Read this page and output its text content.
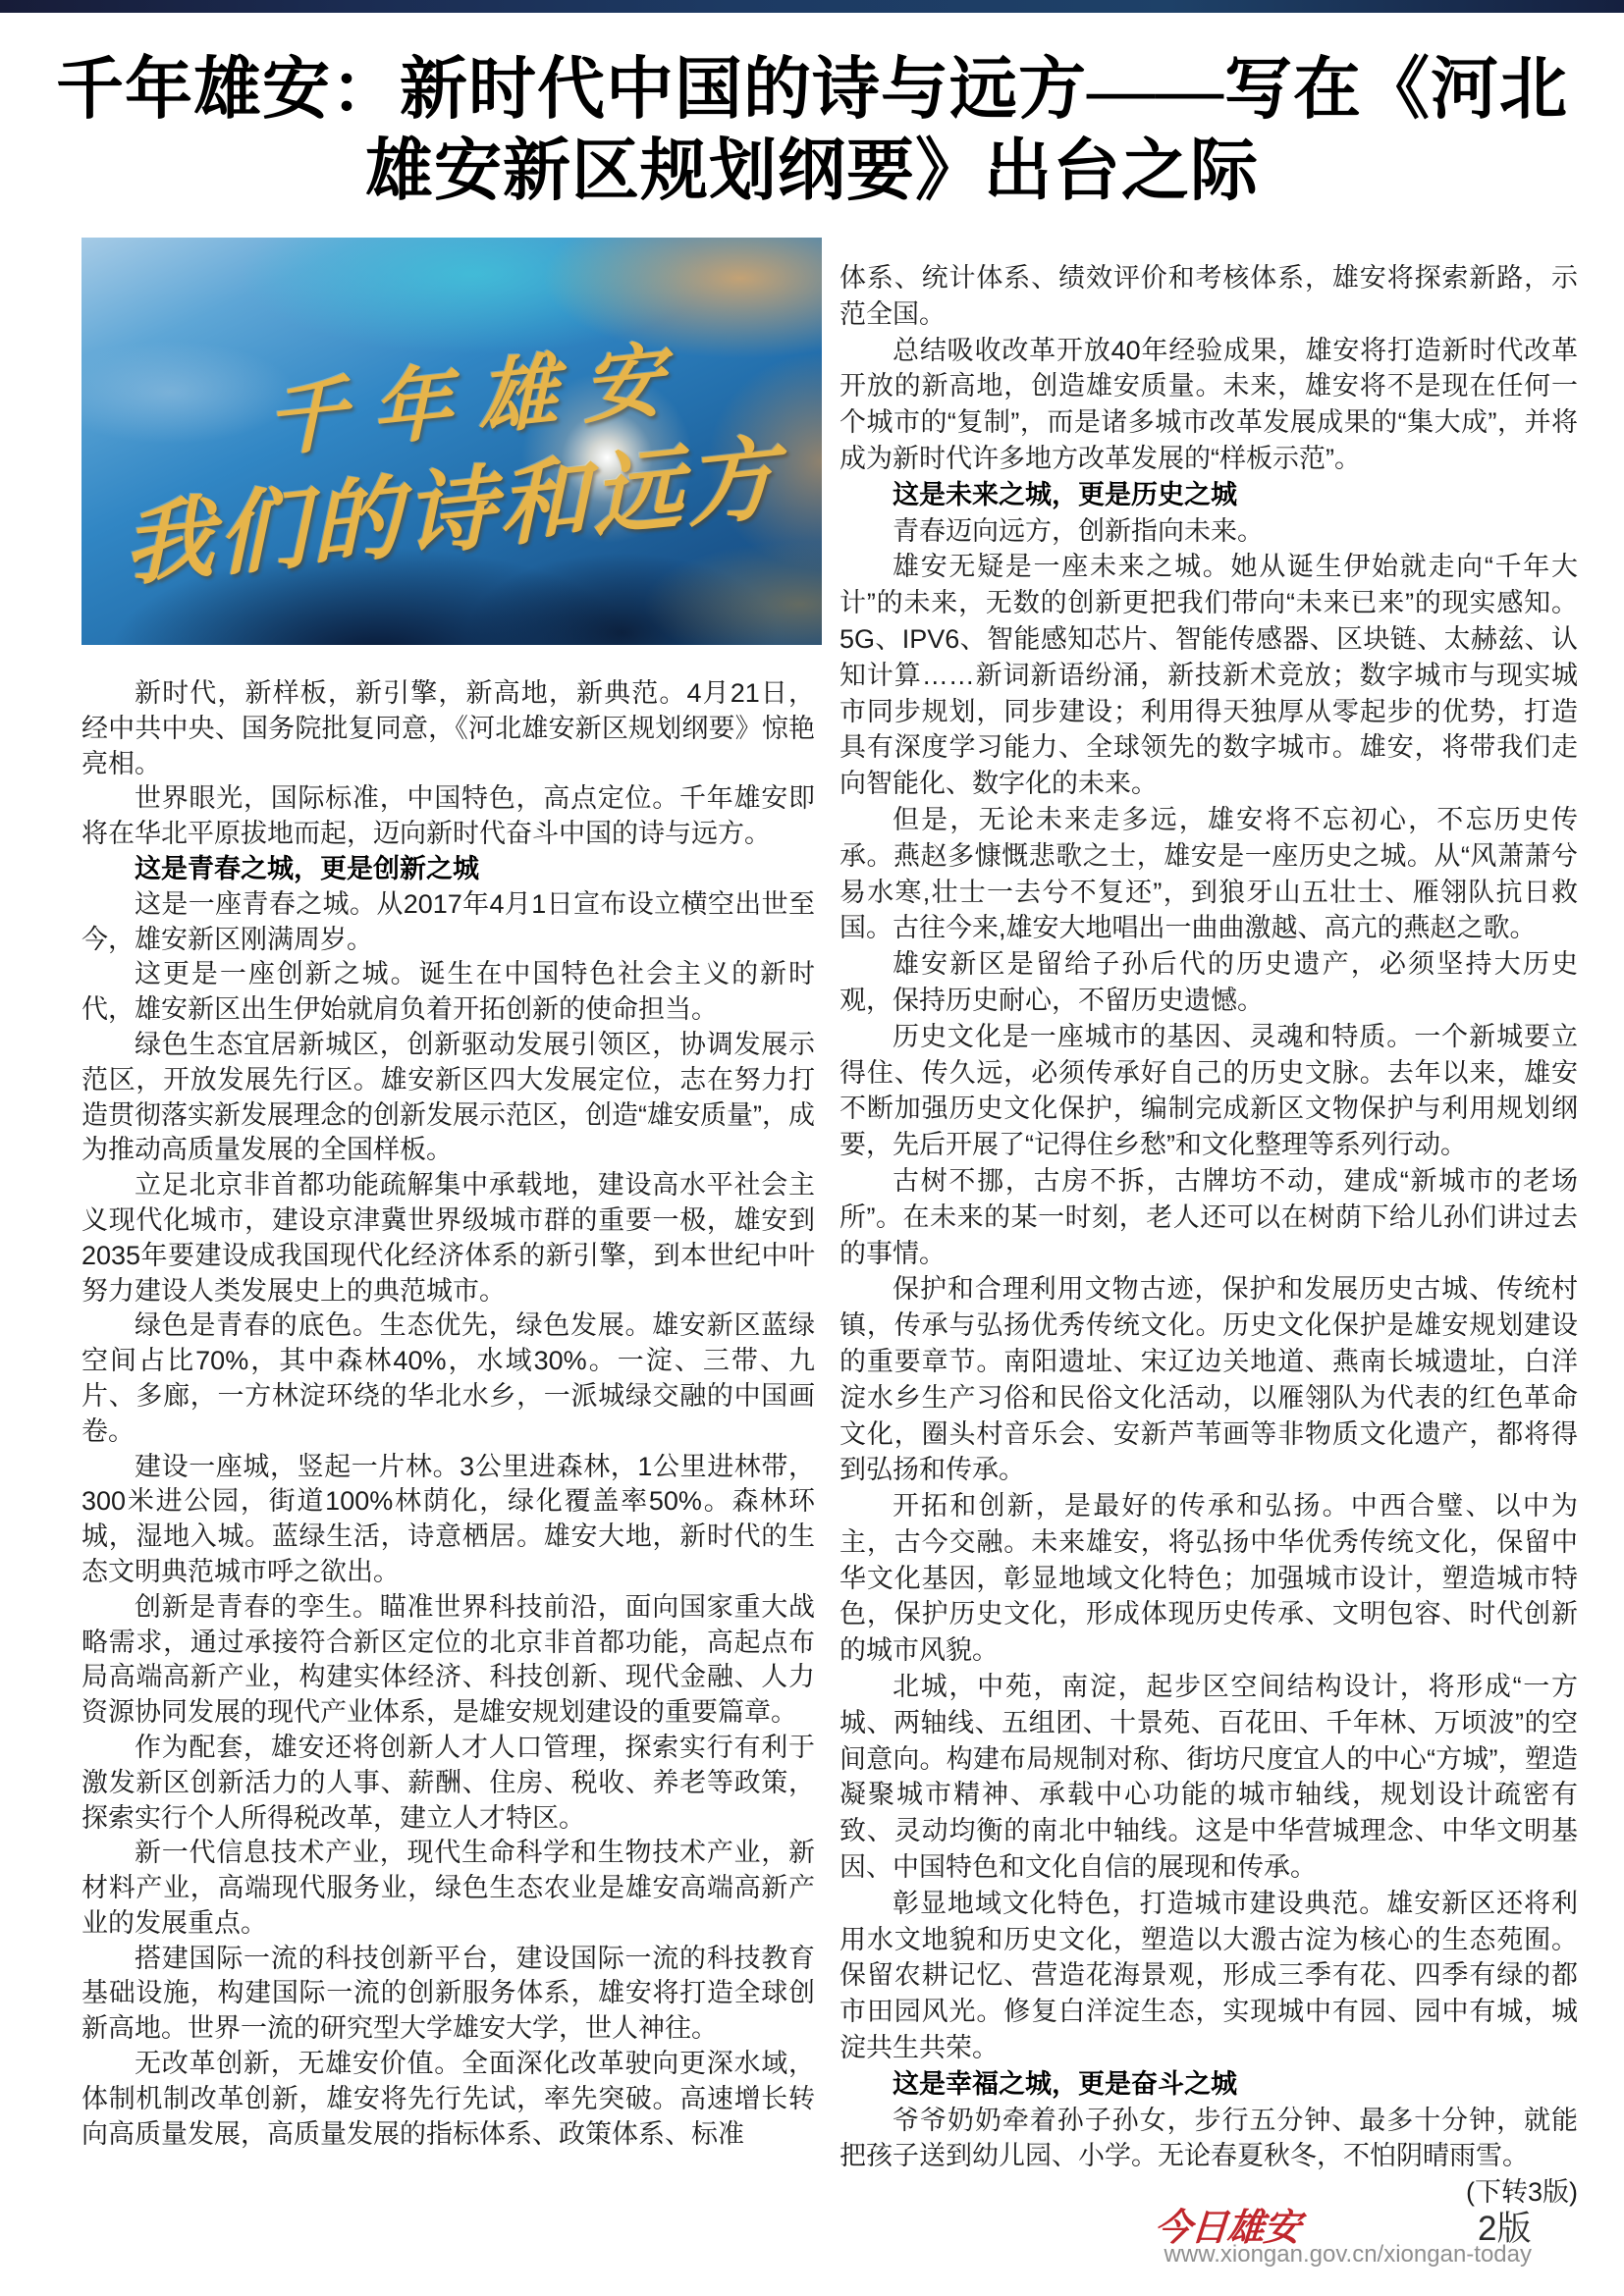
千年雄安：新时代中国的诗与远方——写在《河北
雄安新区规划纲要》出台之际
千年雄安
我们的诗和远方

新时代，新样板，新引擎，新高地，新典范。4月21日，经中共中央、国务院批复同意，《河北雄安新区规划纲要》惊艳亮相。

世界眼光，国际标准，中国特色，高点定位。千年雄安即将在华北平原拔地而起，迈向新时代奋斗中国的诗与远方。

这是青春之城，更是创新之城

这是一座青春之城。从2017年4月1日宣布设立横空出世至今，雄安新区刚满周岁。

这更是一座创新之城。诞生在中国特色社会主义的新时代，雄安新区出生伊始就肩负着开拓创新的使命担当。

绿色生态宜居新城区，创新驱动发展引领区，协调发展示范区，开放发展先行区。雄安新区四大发展定位，志在努力打造贯彻落实新发展理念的创新发展示范区，创造“雄安质量”，成为推动高质量发展的全国样板。

立足北京非首都功能疏解集中承载地，建设高水平社会主义现代化城市，建设京津冀世界级城市群的重要一极，雄安到2035年要建设成我国现代化经济体系的新引擎，到本世纪中叶努力建设人类发展史上的典范城市。

绿色是青春的底色。生态优先，绿色发展。雄安新区蓝绿空间占比70%，其中森林40%，水域30%。一淀、三带、九片、多廊，一方林淀环绕的华北水乡，一派城绿交融的中国画卷。

建设一座城，竖起一片林。3公里进森林，1公里进林带，300米进公园，街道100%林荫化，绿化覆盖率50%。森林环城，湿地入城。蓝绿生活，诗意栖居。雄安大地，新时代的生态文明典范城市呼之欲出。

创新是青春的孪生。瞄准世界科技前沿，面向国家重大战略需求，通过承接符合新区定位的北京非首都功能，高起点布局高端高新产业，构建实体经济、科技创新、现代金融、人力资源协同发展的现代产业体系，是雄安规划建设的重要篇章。

作为配套，雄安还将创新人才人口管理，探索实行有利于激发新区创新活力的人事、薪酬、住房、税收、养老等政策，探索实行个人所得税改革，建立人才特区。

新一代信息技术产业，现代生命科学和生物技术产业，新材料产业，高端现代服务业，绿色生态农业是雄安高端高新产业的发展重点。

搭建国际一流的科技创新平台，建设国际一流的科技教育基础设施，构建国际一流的创新服务体系，雄安将打造全球创新高地。世界一流的研究型大学雄安大学，世人神往。

无改革创新，无雄安价值。全面深化改革驶向更深水域，体制机制改革创新，雄安将先行先试，率先突破。高速增长转向高质量发展，高质量发展的指标体系、政策体系、标准

体系、统计体系、绩效评价和考核体系，雄安将探索新路，示范全国。

总结吸收改革开放40年经验成果，雄安将打造新时代改革开放的新高地，创造雄安质量。未来，雄安将不是现在任何一个城市的“复制”，而是诸多城市改革发展成果的“集大成”，并将成为新时代许多地方改革发展的“样板示范”。

这是未来之城，更是历史之城

青春迈向远方，创新指向未来。

雄安无疑是一座未来之城。她从诞生伊始就走向“千年大计”的未来，无数的创新更把我们带向“未来已来”的现实感知。5G、IPV6、智能感知芯片、智能传感器、区块链、太赫兹、认知计算……新词新语纷涌，新技新术竞放；数字城市与现实城市同步规划，同步建设；利用得天独厚从零起步的优势，打造具有深度学习能力、全球领先的数字城市。雄安，将带我们走向智能化、数字化的未来。

但是，无论未来走多远，雄安将不忘初心，不忘历史传承。燕赵多慷慨悲歌之士，雄安是一座历史之城。从“风萧萧兮易水寒,壮士一去兮不复还”，到狼牙山五壮士、雁翎队抗日救国。古往今来,雄安大地唱出一曲曲激越、高亢的燕赵之歌。

雄安新区是留给子孙后代的历史遗产，必须坚持大历史观，保持历史耐心，不留历史遗憾。

历史文化是一座城市的基因、灵魂和特质。一个新城要立得住、传久远，必须传承好自己的历史文脉。去年以来，雄安不断加强历史文化保护，编制完成新区文物保护与利用规划纲要，先后开展了“记得住乡愁”和文化整理等系列行动。

古树不挪，古房不拆，古牌坊不动，建成“新城市的老场所”。在未来的某一时刻，老人还可以在树荫下给儿孙们讲过去的事情。

保护和合理利用文物古迹，保护和发展历史古城、传统村镇，传承与弘扬优秀传统文化。历史文化保护是雄安规划建设的重要章节。南阳遗址、宋辽边关地道、燕南长城遗址，白洋淀水乡生产习俗和民俗文化活动，以雁翎队为代表的红色革命文化，圈头村音乐会、安新芦苇画等非物质文化遗产，都将得到弘扬和传承。

开拓和创新，是最好的传承和弘扬。中西合璧、以中为主，古今交融。未来雄安，将弘扬中华优秀传统文化，保留中华文化基因，彰显地域文化特色；加强城市设计，塑造城市特色，保护历史文化，形成体现历史传承、文明包容、时代创新的城市风貌。

北城，中苑，南淀，起步区空间结构设计，将形成“一方城、两轴线、五组团、十景苑、百花田、千年林、万顷波”的空间意向。构建布局规制对称、街坊尺度宜人的中心“方城”，塑造凝聚城市精神、承载中心功能的城市轴线，规划设计疏密有致、灵动均衡的南北中轴线。这是中华营城理念、中华文明基因、中国特色和文化自信的展现和传承。

彰显地域文化特色，打造城市建设典范。雄安新区还将利用水文地貌和历史文化，塑造以大溵古淀为核心的生态苑囿。保留农耕记忆、营造花海景观，形成三季有花、四季有绿的都市田园风光。修复白洋淀生态，实现城中有园、园中有城，城淀共生共荣。

这是幸福之城，更是奋斗之城

爷爷奶奶牵着孙子孙女，步行五分钟、最多十分钟，就能把孩子送到幼儿园、小学。无论春夏秋冬，不怕阴晴雨雪。

(下转3版)

今日雄安	2版
www.xiongan.gov.cn/xiongan-today
